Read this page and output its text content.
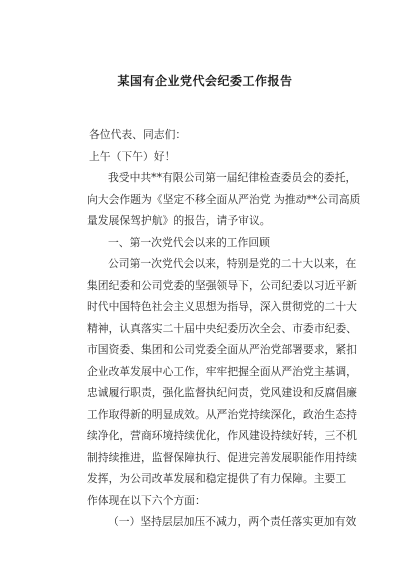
某国有企业党代会纪委工作报告
各位代表、同志们：
上午（下午）好！
我受中共**有限公司第一届纪律检查委员会的委托，
向大会作题为《坚定不移全面从严治党 为推动**公司高质
量发展保驾护航》的报告，请予审议。
一、第一次党代会以来的工作回顾
公司第一次党代会以来，特别是党的二十大以来，在
集团纪委和公司党委的坚强领导下，公司纪委以习近平新
时代中国特色社会主义思想为指导，深入贯彻党的二十大
精神，认真落实二十届中央纪委历次全会、市委市纪委、
市国资委、集团和公司党委全面从严治党部署要求，紧扣
企业改革发展中心工作，牢牢把握全面从严治党主基调，
忠诚履行职责，强化监督执纪问责，党风建设和反腐倡廉
工作取得新的明显成效。从严治党持续深化，政治生态持
续净化，营商环境持续优化，作风建设持续好转，三不机
制持续推进，监督保障执行、促进完善发展职能作用持续
发挥，为公司改革发展和稳定提供了有力保障。主要工
作体现在以下六个方面：
（一）坚持层层加压不减力，两个责任落实更加有效
